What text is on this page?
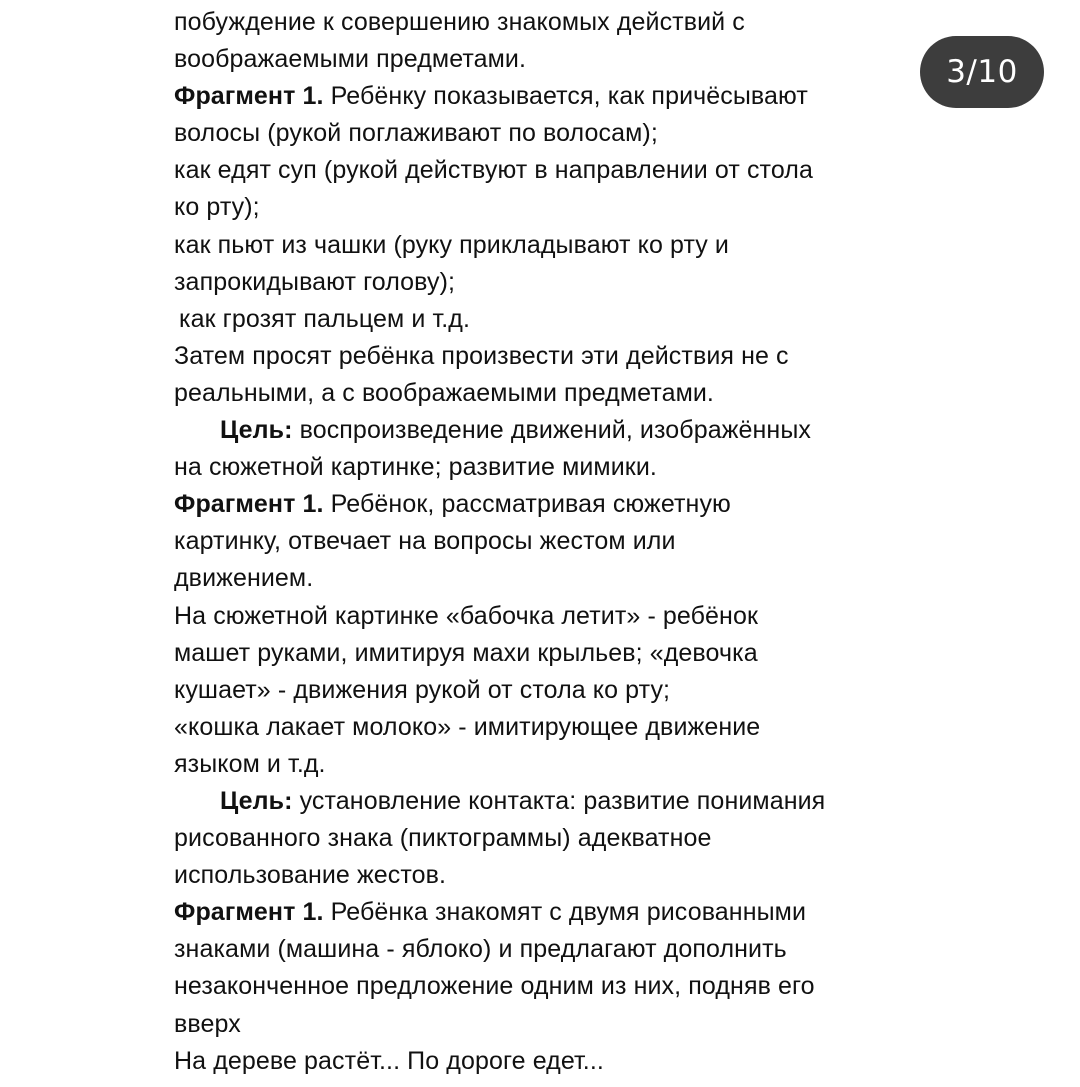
побуждение к совершению знакомых действий с
воображаемыми предметами.
Фрагмент 1. Ребёнку показывается, как причёсывают
волосы (рукой поглаживают по волосам);
как едят суп (рукой действуют в направлении от стола
ко рту);
как пьют из чашки (руку прикладывают ко рту и
запрокидывают голову);
как грозят пальцем и т.д.
Затем просят ребёнка произвести эти действия не с
реальными, а с воображаемыми предметами.
Цель: воспроизведение движений, изображённых
на сюжетной картинке; развитие мимики.
Фрагмент 1. Ребёнок, рассматривая сюжетную
картинку, отвечает на вопросы жестом или
движением.
На сюжетной картинке «бабочка летит» - ребёнок
машет руками, имитируя махи крыльев; «девочка
кушает» - движения рукой от стола ко рту;
«кошка лакает молоко» - имитирующее движение
языком и т.д.
Цель: установление контакта: развитие понимания
рисованного знака (пиктограммы) адекватное
использование жестов.
Фрагмент 1. Ребёнка знакомят с двумя рисованными
знаками (машина - яблоко) и предлагают дополнить
незаконченное предложение одним из них, подняв его
вверх
На дереве растёт... По дороге едет...
3/10
